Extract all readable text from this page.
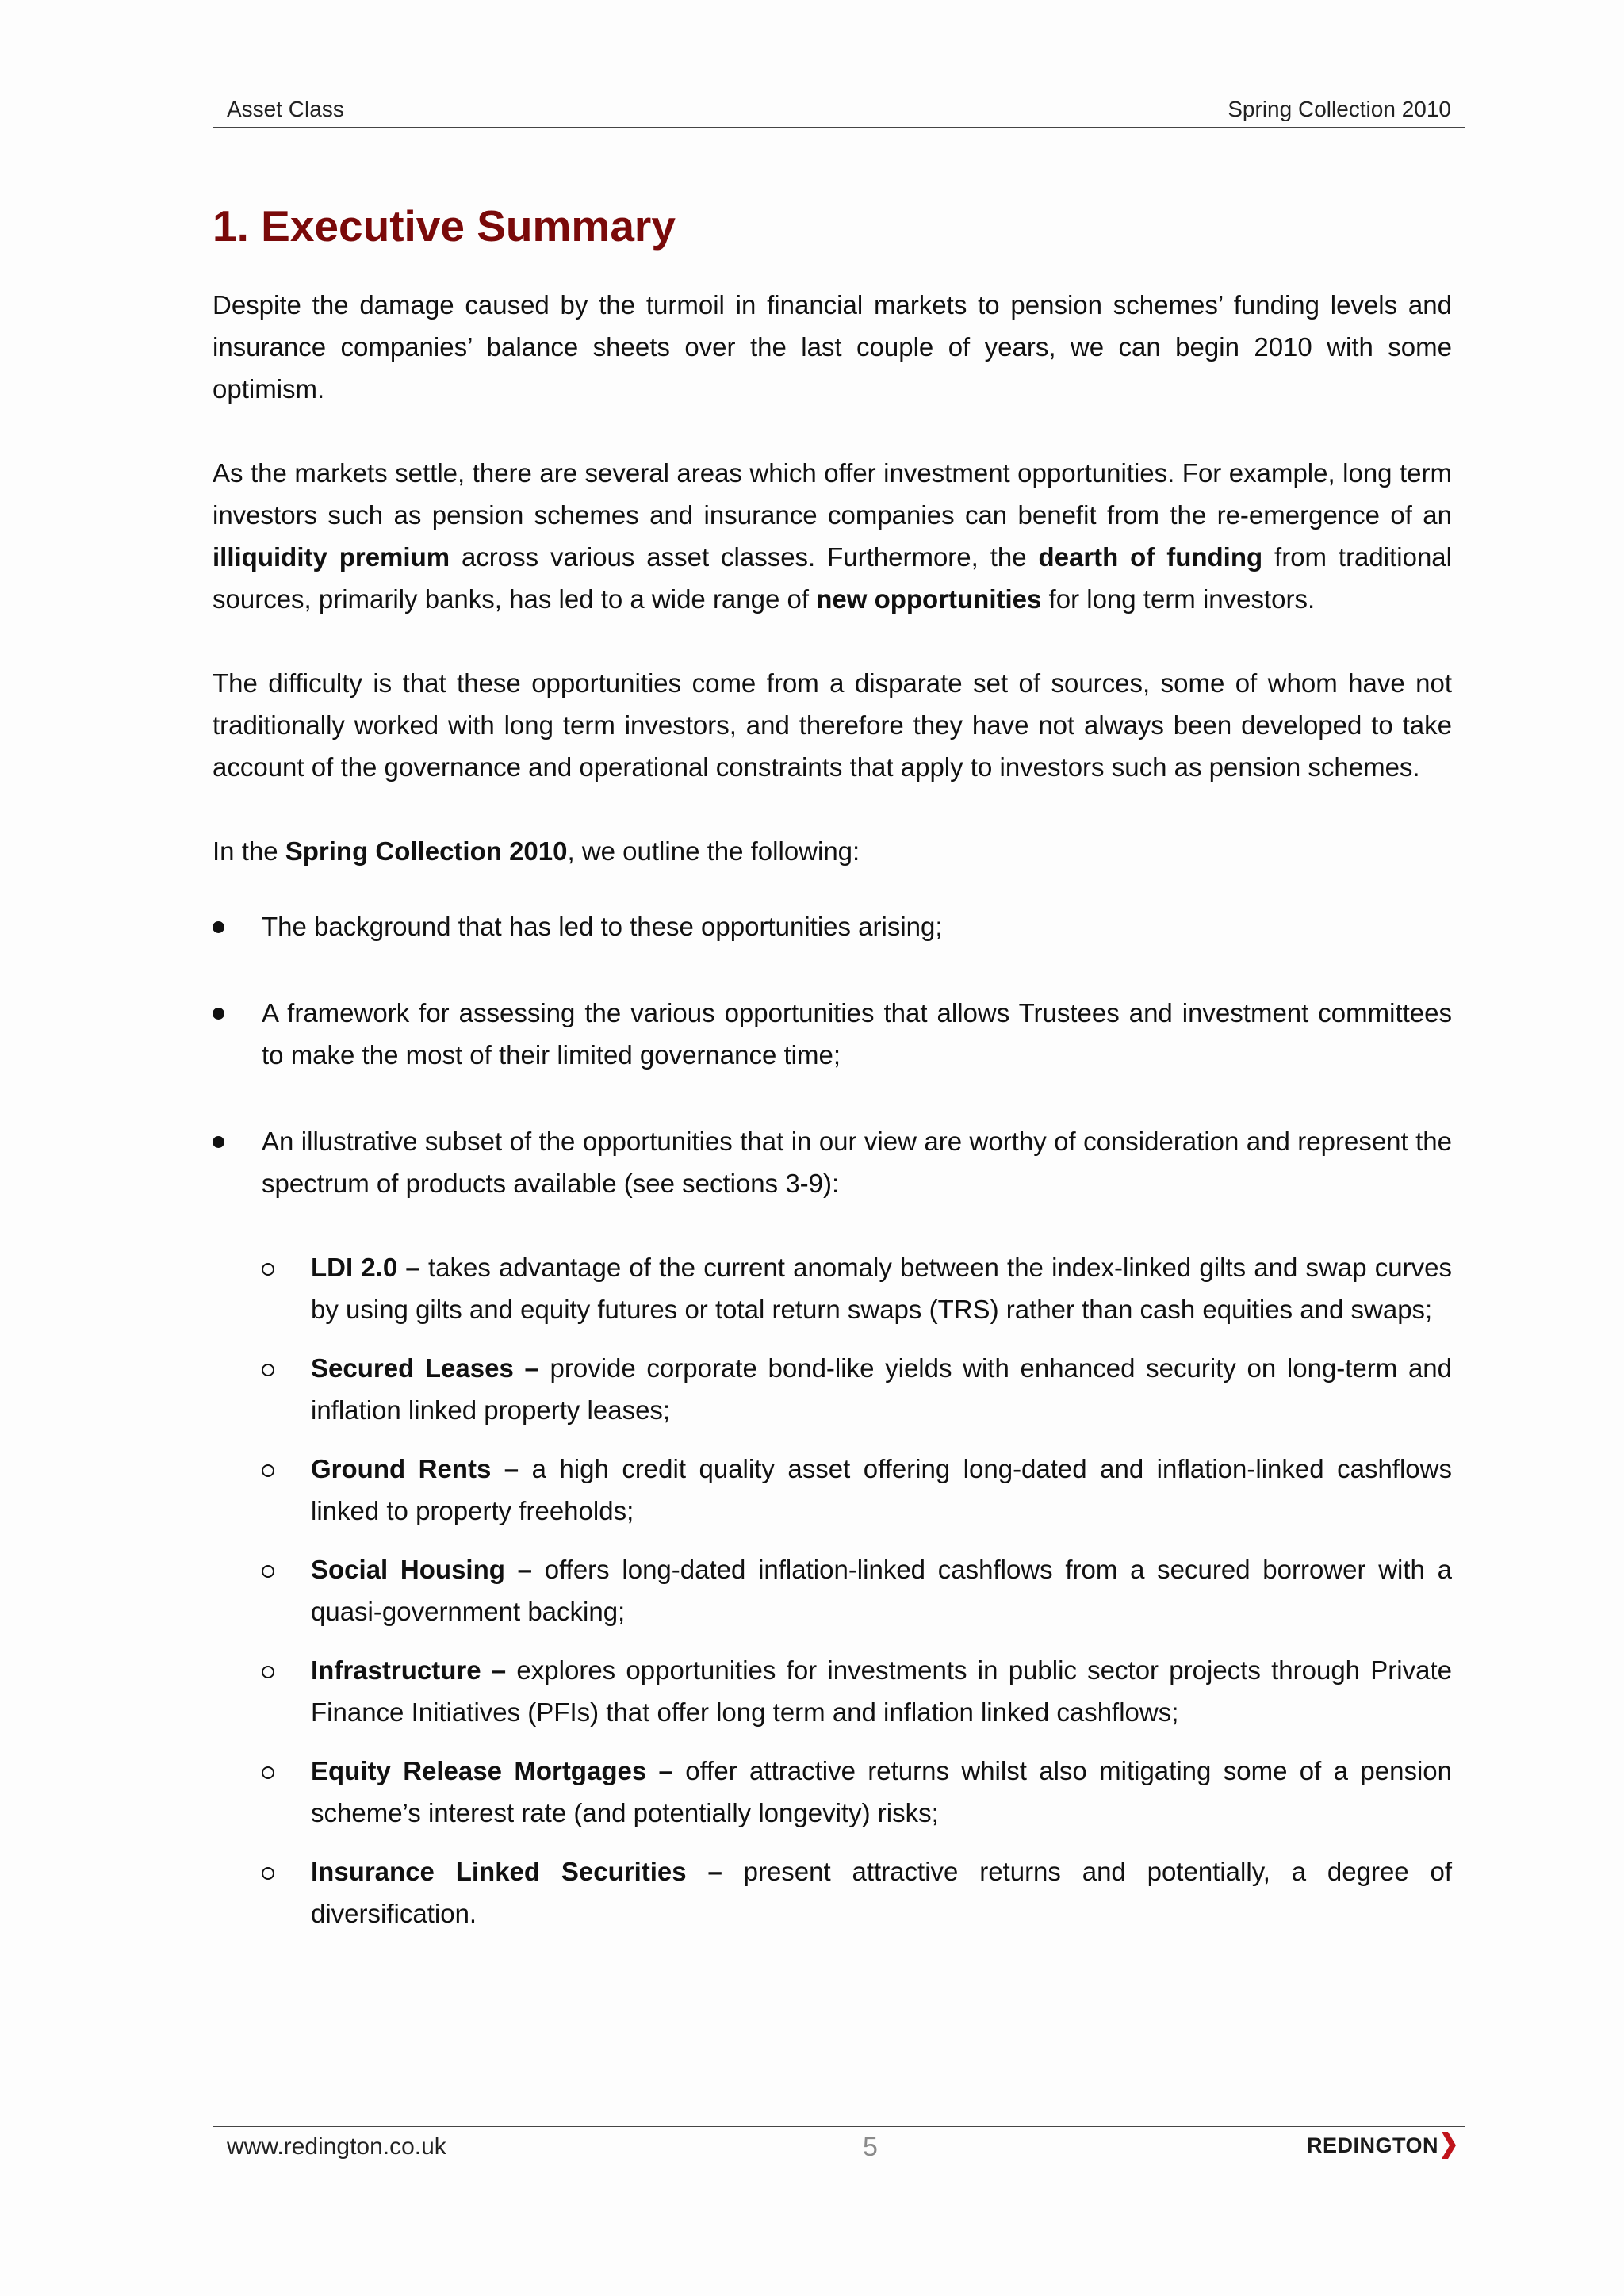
Asset Class	Spring Collection 2010
1. Executive Summary

Despite the damage caused by the turmoil in financial markets to pension schemes’ funding levels and insurance companies’ balance sheets over the last couple of years, we can begin 2010 with some optimism.

As the markets settle, there are several areas which offer investment opportunities. For example, long term investors such as pension schemes and insurance companies can benefit from the re-emergence of an illiquidity premium across various asset classes. Furthermore, the dearth of funding from traditional sources, primarily banks, has led to a wide range of new opportunities for long term investors.

The difficulty is that these opportunities come from a disparate set of sources, some of whom have not traditionally worked with long term investors, and therefore they have not always been developed to take account of the governance and operational constraints that apply to investors such as pension schemes.

In the Spring Collection 2010, we outline the following:

The background that has led to these opportunities arising;
A framework for assessing the various opportunities that allows Trustees and investment committees to make the most of their limited governance time;
An illustrative subset of the opportunities that in our view are worthy of consideration and represent the spectrum of products available (see sections 3-9):
LDI 2.0 – takes advantage of the current anomaly between the index-linked gilts and swap curves by using gilts and equity futures or total return swaps (TRS) rather than cash equities and swaps;
Secured Leases – provide corporate bond-like yields with enhanced security on long-term and inflation linked property leases;
Ground Rents – a high credit quality asset offering long-dated and inflation-linked cashflows linked to property freeholds;
Social Housing – offers long-dated inflation-linked cashflows from a secured borrower with a quasi-government backing;
Infrastructure – explores opportunities for investments in public sector projects through Private Finance Initiatives (PFIs) that offer long term and inflation linked cashflows;
Equity Release Mortgages – offer attractive returns whilst also mitigating some of a pension scheme’s interest rate (and potentially longevity) risks;
Insurance Linked Securities – present attractive returns and potentially, a degree of diversification.
www.redington.co.uk	5	REDINGTON
